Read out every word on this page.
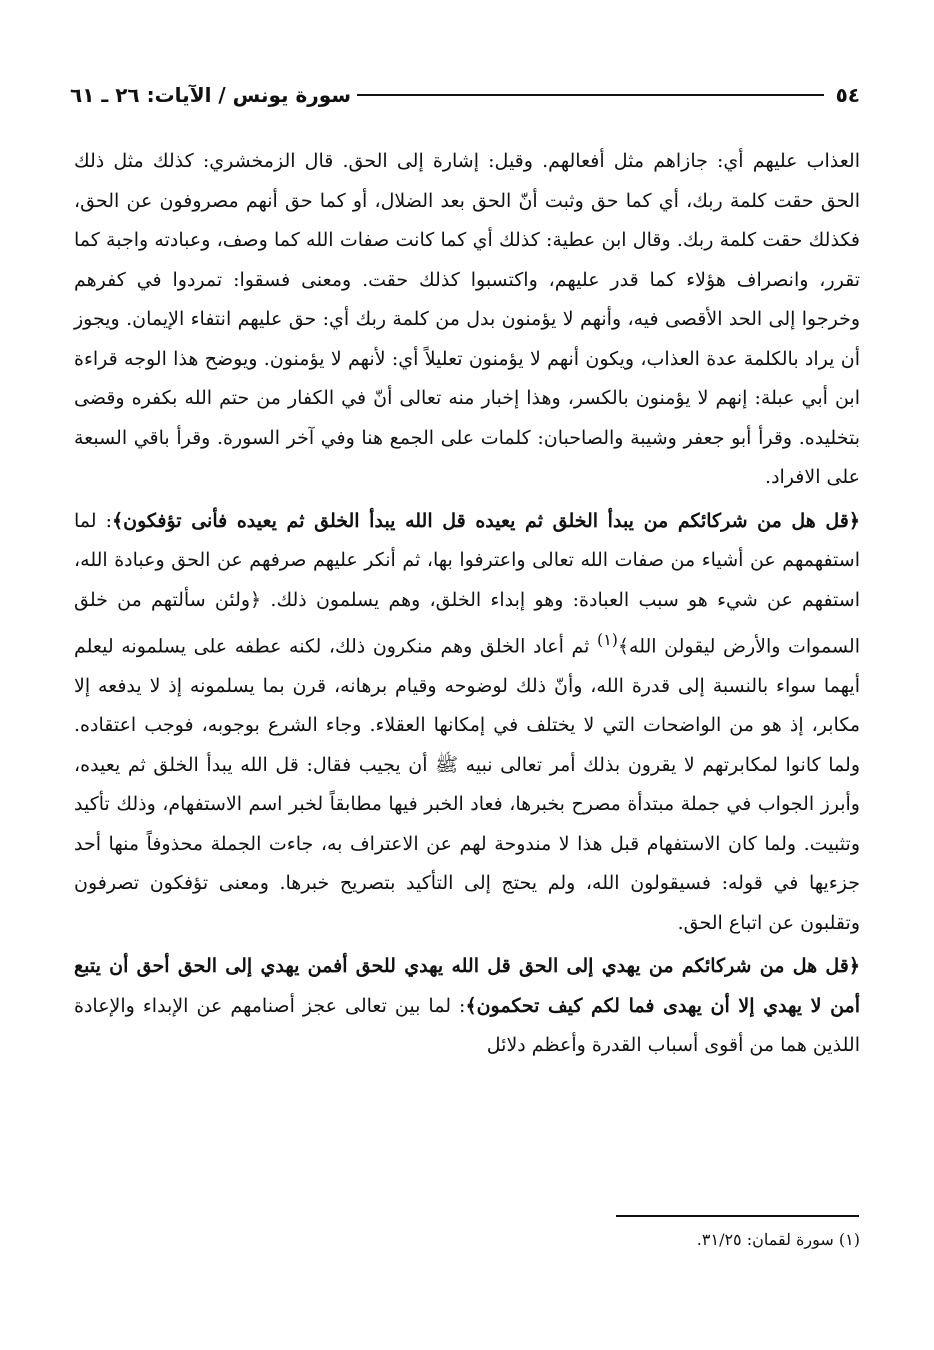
٥٤
سورة يونس / الآيات: ٢٦ ـ ٦١

العذاب عليهم أي: جازاهم مثل أفعالهم. وقيل: إشارة إلى الحق. قال الزمخشري: كذلك مثل ذلك الحق حقت كلمة ربك، أي كما حق وثبت أنّ الحق بعد الضلال، أو كما حق أنهم مصروفون عن الحق، فكذلك حقت كلمة ربك. وقال ابن عطية: كذلك أي كما كانت صفات الله كما وصف، وعبادته واجبة كما تقرر، وانصراف هؤلاء كما قدر عليهم، واكتسبوا كذلك حقت. ومعنى فسقوا: تمردوا في كفرهم وخرجوا إلى الحد الأقصى فيه، وأنهم لا يؤمنون بدل من كلمة ربك أي: حق عليهم انتفاء الإيمان. ويجوز أن يراد بالكلمة عدة العذاب، ويكون أنهم لا يؤمنون تعليلاً أي: لأنهم لا يؤمنون. ويوضح هذا الوجه قراءة ابن أبي عبلة: إنهم لا يؤمنون بالكسر، وهذا إخبار منه تعالى أنّ في الكفار من حتم الله بكفره وقضى بتخليده. وقرأ أبو جعفر وشيبة والصاحبان: كلمات على الجمع هنا وفي آخر السورة. وقرأ باقي السبعة على الافراد.

﴿قل هل من شركائكم من يبدأ الخلق ثم يعيده قل الله يبدأ الخلق ثم يعيده فأنى تؤفكون﴾: لما استفهمهم عن أشياء من صفات الله تعالى واعترفوا بها، ثم أنكر عليهم صرفهم عن الحق وعبادة الله، استفهم عن شيء هو سبب العبادة: وهو إبداء الخلق، وهم يسلمون ذلك. ﴿ولئن سألتهم من خلق السموات والأرض ليقولن الله﴾$^{(١)}$ ثم أعاد الخلق وهم منكرون ذلك، لكنه عطفه على يسلمونه ليعلم أيهما سواء بالنسبة إلى قدرة الله، وأنّ ذلك لوضوحه وقيام برهانه، قرن بما يسلمونه إذ لا يدفعه إلا مكابر، إذ هو من الواضحات التي لا يختلف في إمكانها العقلاء. وجاء الشرع بوجوبه، فوجب اعتقاده. ولما كانوا لمكابرتهم لا يقرون بذلك أمر تعالى نبيه ﷺ أن يجيب فقال: قل الله يبدأ الخلق ثم يعيده، وأبرز الجواب في جملة مبتدأة مصرح بخبرها، فعاد الخبر فيها مطابقاً لخبر اسم الاستفهام، وذلك تأكيد وتثبيت. ولما كان الاستفهام قبل هذا لا مندوحة لهم عن الاعتراف به، جاءت الجملة محذوفاً منها أحد جزءيها في قوله: فسيقولون الله، ولم يحتج إلى التأكيد بتصريح خبرها. ومعنى تؤفكون تصرفون وتقلبون عن اتباع الحق.

﴿قل هل من شركائكم من يهدي إلى الحق قل الله يهدي للحق أفمن يهدي إلى الحق أحق أن يتبع أمن لا يهدي إلا أن يهدى فما لكم كيف تحكمون﴾: لما بين تعالى عجز أصنامهم عن الإبداء والإعادة اللذين هما من أقوى أسباب القدرة وأعظم دلائل

(١) سورة لقمان: ٣١/٢٥.
